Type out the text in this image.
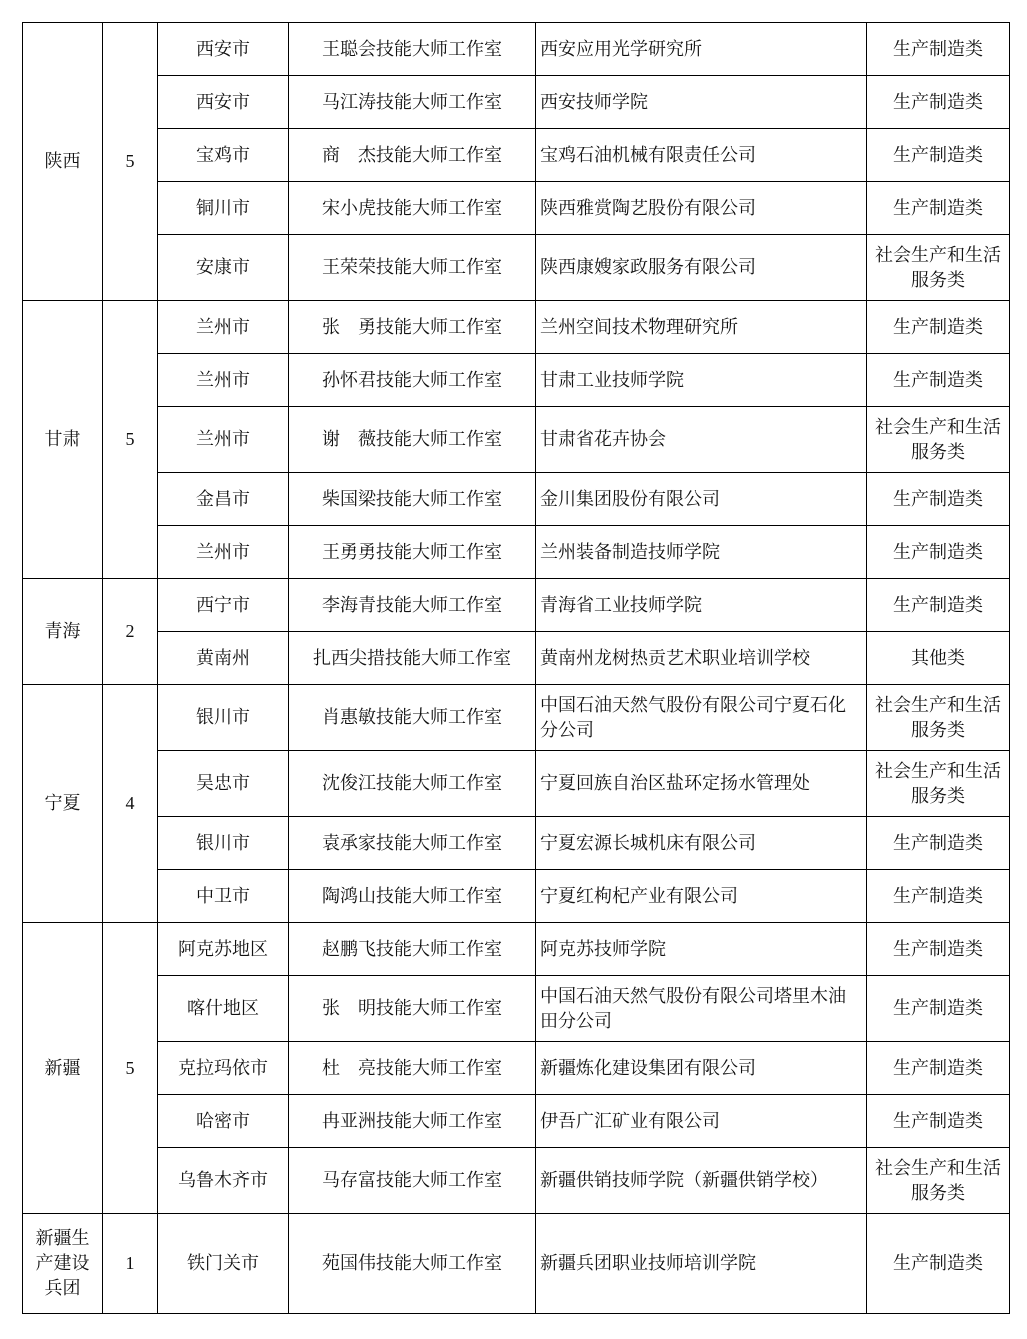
陕西	5	西安市	王聪会技能大师工作室	西安应用光学研究所	生产制造类
		西安市	马江涛技能大师工作室	西安技师学院	生产制造类
		宝鸡市	商　杰技能大师工作室	宝鸡石油机械有限责任公司	生产制造类
		铜川市	宋小虎技能大师工作室	陕西雅赏陶艺股份有限公司	生产制造类
		安康市	王荣荣技能大师工作室	陕西康嫂家政服务有限公司	社会生产和生活服务类
甘肃	5	兰州市	张　勇技能大师工作室	兰州空间技术物理研究所	生产制造类
		兰州市	孙怀君技能大师工作室	甘肃工业技师学院	生产制造类
		兰州市	谢　薇技能大师工作室	甘肃省花卉协会	社会生产和生活服务类
		金昌市	柴国梁技能大师工作室	金川集团股份有限公司	生产制造类
		兰州市	王勇勇技能大师工作室	兰州装备制造技师学院	生产制造类
青海	2	西宁市	李海青技能大师工作室	青海省工业技师学院	生产制造类
		黄南州	扎西尖措技能大师工作室	黄南州龙树热贡艺术职业培训学校	其他类
宁夏	4	银川市	肖惠敏技能大师工作室	中国石油天然气股份有限公司宁夏石化分公司	社会生产和生活服务类
		吴忠市	沈俊江技能大师工作室	宁夏回族自治区盐环定扬水管理处	社会生产和生活服务类
		银川市	袁承家技能大师工作室	宁夏宏源长城机床有限公司	生产制造类
		中卫市	陶鸿山技能大师工作室	宁夏红枸杞产业有限公司	生产制造类
新疆	5	阿克苏地区	赵鹏飞技能大师工作室	阿克苏技师学院	生产制造类
		喀什地区	张　明技能大师工作室	中国石油天然气股份有限公司塔里木油田分公司	生产制造类
		克拉玛依市	杜　亮技能大师工作室	新疆炼化建设集团有限公司	生产制造类
		哈密市	冉亚洲技能大师工作室	伊吾广汇矿业有限公司	生产制造类
		乌鲁木齐市	马存富技能大师工作室	新疆供销技师学院（新疆供销学校）	社会生产和生活服务类
新疆生产建设兵团	1	铁门关市	苑国伟技能大师工作室	新疆兵团职业技师培训学院	生产制造类
